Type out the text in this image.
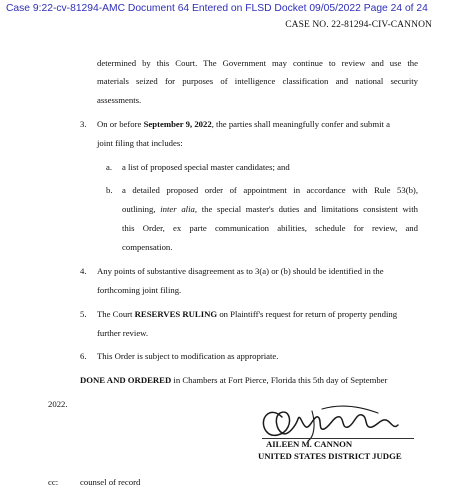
Case 9:22-cv-81294-AMC Document 64 Entered on FLSD Docket 09/05/2022 Page 24 of 24
CASE NO. 22-81294-CIV-CANNON
determined by this Court. The Government may continue to review and use the
materials seized for purposes of intelligence classification and national security
assessments.
3. On or before September 9, 2022, the parties shall meaningfully confer and submit a
joint filing that includes:
a. a list of proposed special master candidates; and
b. a detailed proposed order of appointment in accordance with Rule 53(b),
outlining, inter alia, the special master's duties and limitations consistent with
this Order, ex parte communication abilities, schedule for review, and
compensation.
4. Any points of substantive disagreement as to 3(a) or (b) should be identified in the
forthcoming joint filing.
5. The Court RESERVES RULING on Plaintiff's request for return of property pending
further review.
6. This Order is subject to modification as appropriate.
DONE AND ORDERED in Chambers at Fort Pierce, Florida this 5th day of September
2022.
AILEEN M. CANNON
UNITED STATES DISTRICT JUDGE
cc:	counsel of record
